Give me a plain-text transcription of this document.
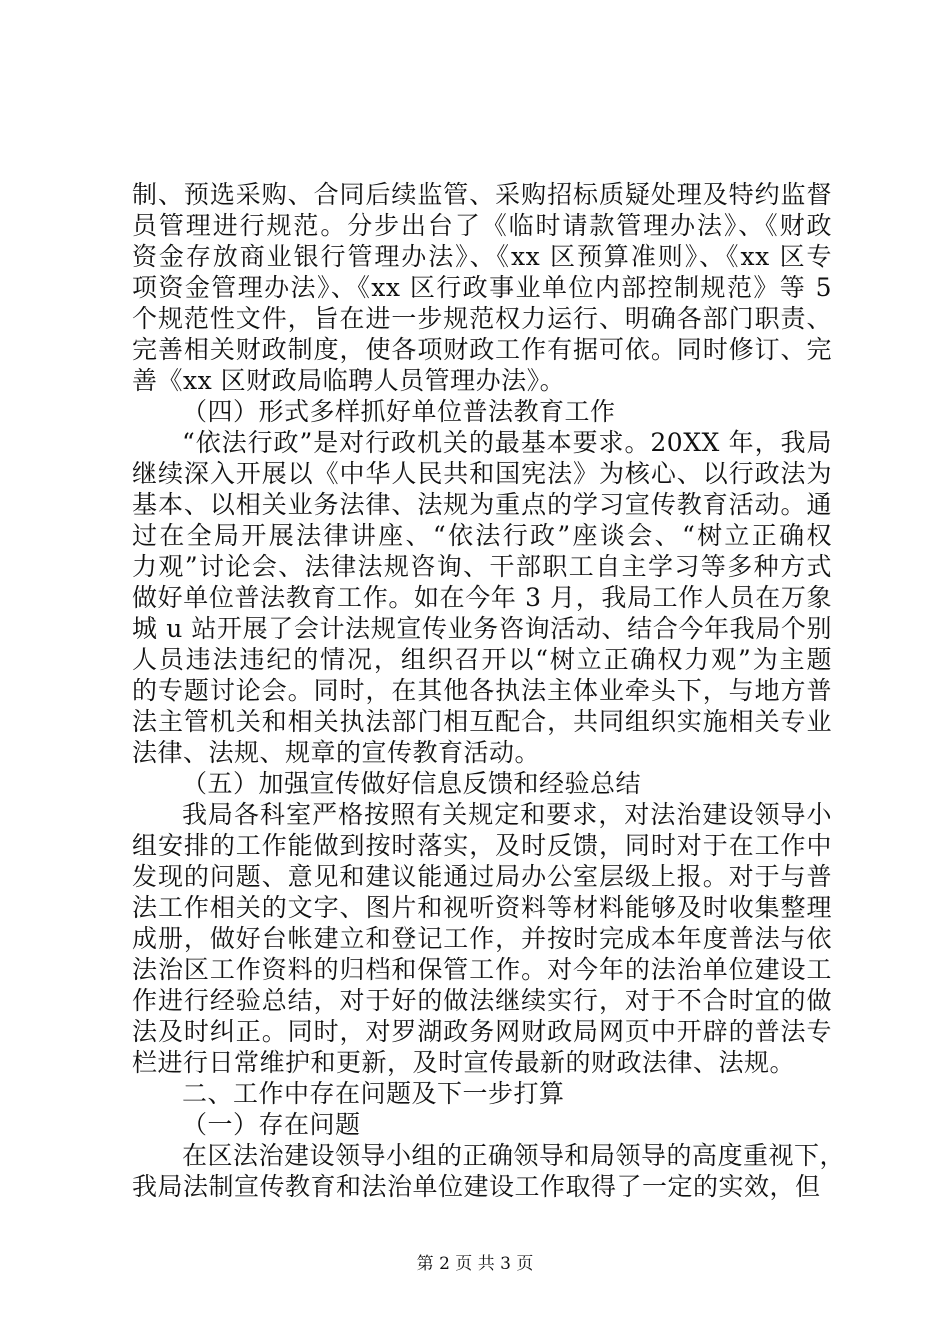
制、预选采购、合同后续监管、采购招标质疑处理及特约监督
员管理进行规范。分步出台了《临时请款管理办法》、《财政
资金存放商业银行管理办法》、《xx 区预算准则》、《xx 区专
项资金管理办法》、《xx 区行政事业单位内部控制规范》等 5
个规范性文件，旨在进一步规范权力运行、明确各部门职责、
完善相关财政制度，使各项财政工作有据可依。同时修订、完
善《xx 区财政局临聘人员管理办法》。
（四）形式多样抓好单位普法教育工作
“依法行政”是对行政机关的最基本要求。20XX 年，我局
继续深入开展以《中华人民共和国宪法》为核心、以行政法为
基本、以相关业务法律、法规为重点的学习宣传教育活动。通
过在全局开展法律讲座、“依法行政”座谈会、“树立正确权
力观”讨论会、法律法规咨询、干部职工自主学习等多种方式
做好单位普法教育工作。如在今年 3 月，我局工作人员在万象
城 u 站开展了会计法规宣传业务咨询活动、结合今年我局个别
人员违法违纪的情况，组织召开以“树立正确权力观”为主题
的专题讨论会。同时，在其他各执法主体业牵头下，与地方普
法主管机关和相关执法部门相互配合，共同组织实施相关专业
法律、法规、规章的宣传教育活动。
（五）加强宣传做好信息反馈和经验总结
我局各科室严格按照有关规定和要求，对法治建设领导小
组安排的工作能做到按时落实，及时反馈，同时对于在工作中
发现的问题、意见和建议能通过局办公室层级上报。对于与普
法工作相关的文字、图片和视听资料等材料能够及时收集整理
成册，做好台帐建立和登记工作，并按时完成本年度普法与依
法治区工作资料的归档和保管工作。对今年的法治单位建设工
作进行经验总结，对于好的做法继续实行，对于不合时宜的做
法及时纠正。同时，对罗湖政务网财政局网页中开辟的普法专
栏进行日常维护和更新，及时宣传最新的财政法律、法规。
二、工作中存在问题及下一步打算
（一）存在问题
在区法治建设领导小组的正确领导和局领导的高度重视下，
我局法制宣传教育和法治单位建设工作取得了一定的实效，但
第 2 页 共 3 页
